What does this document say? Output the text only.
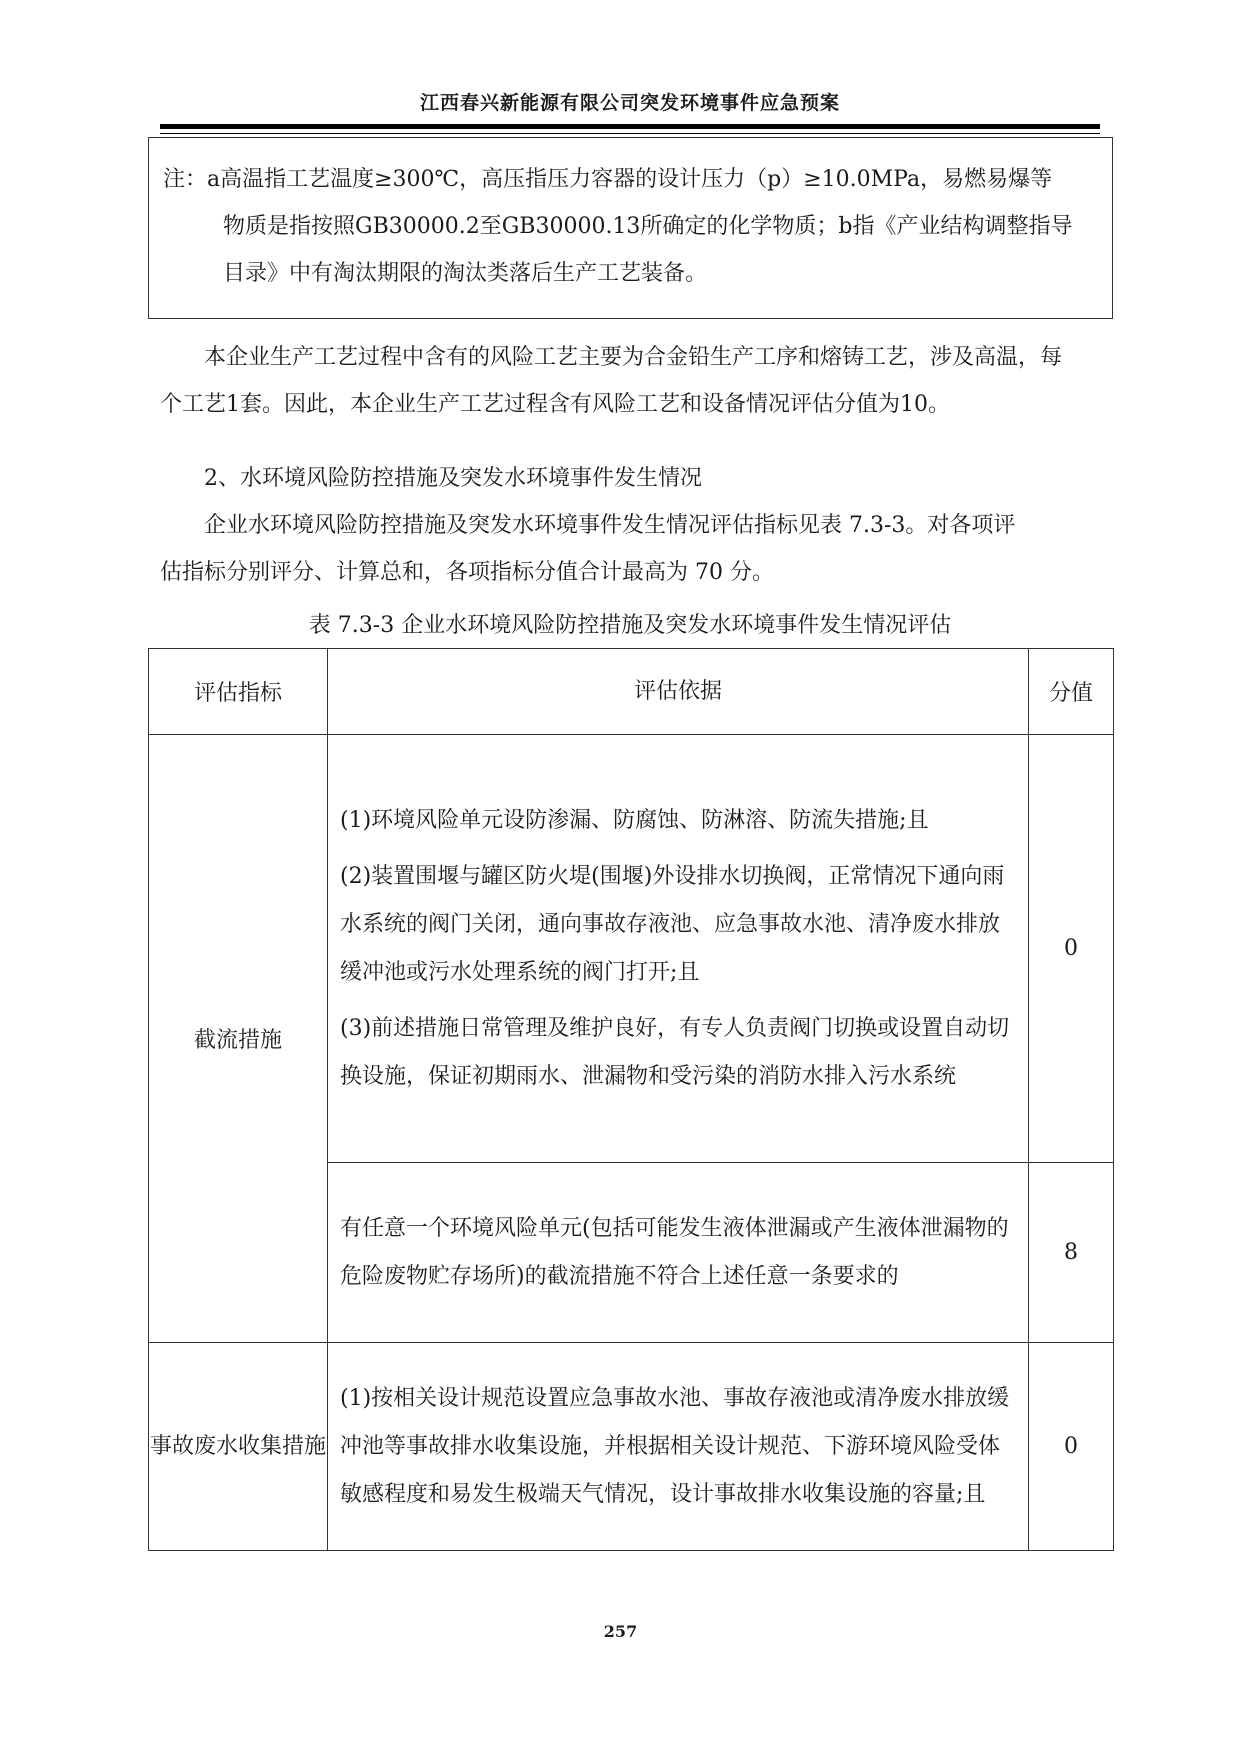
江西春兴新能源有限公司突发环境事件应急预案
注：a高温指工艺温度≥300℃，高压指压力容器的设计压力（p）≥10.0MPa，易燃易爆等
物质是指按照GB30000.2至GB30000.13所确定的化学物质；b指《产业结构调整指导
目录》中有淘汰期限的淘汰类落后生产工艺装备。
本企业生产工艺过程中含有的风险工艺主要为合金铅生产工序和熔铸工艺，涉及高温，每
个工艺1套。因此，本企业生产工艺过程含有风险工艺和设备情况评估分值为10。
2、水环境风险防控措施及突发水环境事件发生情况
企业水环境风险防控措施及突发水环境事件发生情况评估指标见表 7.3-3。对各项评
估指标分别评分、计算总和，各项指标分值合计最高为 70 分。
表 7.3-3 企业水环境风险防控措施及突发水环境事件发生情况评估
评估指标	评估依据	分值
截流措施	(1)环境风险单元设防渗漏、防腐蚀、防淋溶、防流失措施;且
(2)装置围堰与罐区防火堤(围堰)外设排水切换阀，正常情况下通向雨水系统的阀门关闭，通向事故存液池、应急事故水池、清净废水排放缓冲池或污水处理系统的阀门打开;且
(3)前述措施日常管理及维护良好，有专人负责阀门切换或设置自动切换设施，保证初期雨水、泄漏物和受污染的消防水排入污水系统	0

	有任意一个环境风险单元(包括可能发生液体泄漏或产生液体泄漏物的危险废物贮存场所)的截流措施不符合上述任意一条要求的	8
事故废水收集措施	(1)按相关设计规范设置应急事故水池、事故存液池或清净废水排放缓冲池等事故排水收集设施，并根据相关设计规范、下游环境风险受体敏感程度和易发生极端天气情况，设计事故排水收集设施的容量;且	0
257
